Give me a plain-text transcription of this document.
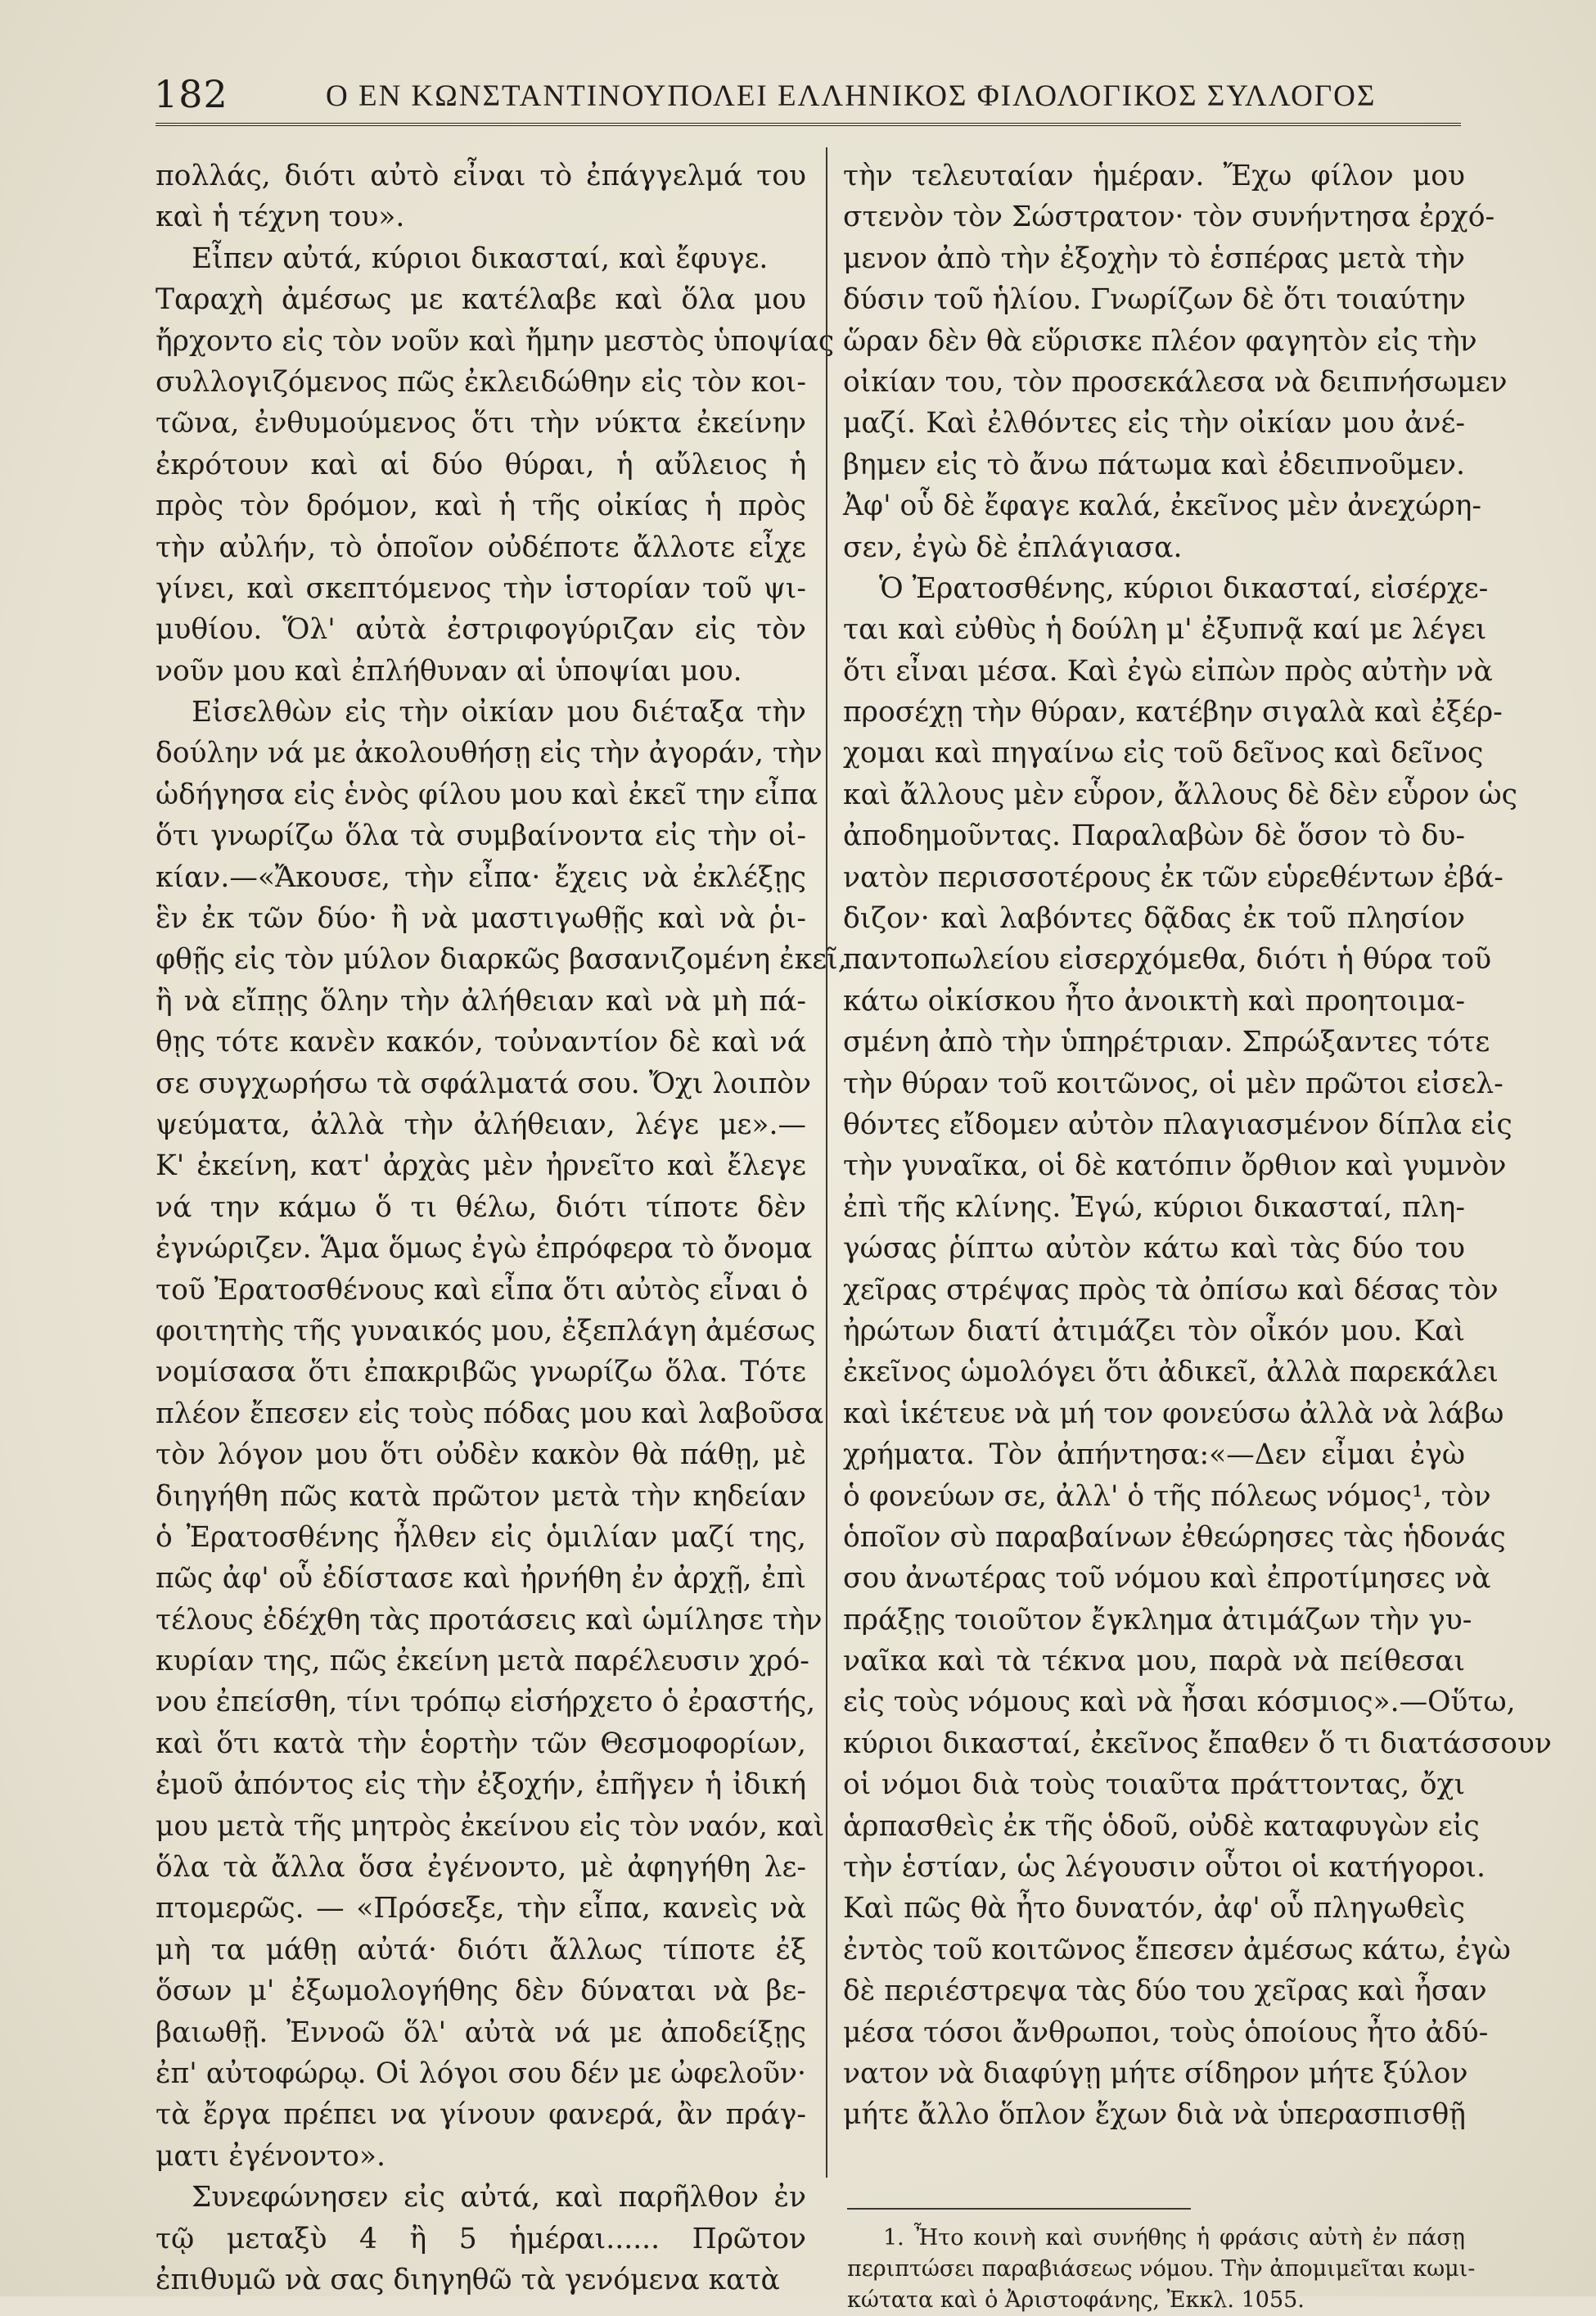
182	Ο ΕΝ ΚΩΝΣΤΑΝΤΙΝΟΥΠΟΛΕΙ ΕΛΛΗΝΙΚΟΣ ΦΙΛΟΛΟΓΙΚΟΣ ΣΥΛΛΟΓΟΣ
πολλάς, διότι αὐτὸ εἶναι τὸ ἐπάγγελμά του
καὶ ἡ τέχνη του».
Εἶπεν αὐτά, κύριοι δικασταί, καὶ ἔφυγε.
Ταραχὴ ἀμέσως με κατέλαβε καὶ ὅλα μου
ἤρχοντο εἰς τὸν νοῦν καὶ ἤμην μεστὸς ὑποψίας
συλλογιζόμενος πῶς ἐκλειδώθην εἰς τὸν κοι-
τῶνα, ἐνθυμούμενος ὅτι τὴν νύκτα ἐκείνην
ἐκρότουν καὶ αἱ δύο θύραι, ἡ αὔλειος ἡ
πρὸς τὸν δρόμον, καὶ ἡ τῆς οἰκίας ἡ πρὸς
τὴν αὐλήν, τὸ ὁποῖον οὐδέποτε ἄλλοτε εἶχε
γίνει, καὶ σκεπτόμενος τὴν ἱστορίαν τοῦ ψι-
μυθίου. Ὅλ' αὐτὰ ἐστριφογύριζαν εἰς τὸν
νοῦν μου καὶ ἐπλήθυναν αἱ ὑποψίαι μου.
Εἰσελθὼν εἰς τὴν οἰκίαν μου διέταξα τὴν
δούλην νά με ἀκολουθήσῃ εἰς τὴν ἀγοράν, τὴν
ὡδήγησα εἰς ἑνὸς φίλου μου καὶ ἐκεῖ την εἶπα
ὅτι γνωρίζω ὅλα τὰ συμβαίνοντα εἰς τὴν οἰ-
κίαν.—«Ἄκουσε, τὴν εἶπα· ἔχεις νὰ ἐκλέξῃς
ἓν ἐκ τῶν δύο· ἢ νὰ μαστιγωθῇς καὶ νὰ ῥι-
φθῇς εἰς τὸν μύλον διαρκῶς βασανιζομένη ἐκεῖ,
ἢ νὰ εἴπῃς ὅλην τὴν ἀλήθειαν καὶ νὰ μὴ πά-
θῃς τότε κανὲν κακόν, τοὐναντίον δὲ καὶ νά
σε συγχωρήσω τὰ σφάλματά σου. Ὄχι λοιπὸν
ψεύματα, ἀλλὰ τὴν ἀλήθειαν, λέγε με».—
Κ' ἐκείνη, κατ' ἀρχὰς μὲν ἠρνεῖτο καὶ ἔλεγε
νά την κάμω ὅ τι θέλω, διότι τίποτε δὲν
ἐγνώριζεν. Ἅμα ὅμως ἐγὼ ἐπρόφερα τὸ ὄνομα
τοῦ Ἐρατοσθένους καὶ εἶπα ὅτι αὐτὸς εἶναι ὁ
φοιτητὴς τῆς γυναικός μου, ἐξεπλάγη ἀμέσως
νομίσασα ὅτι ἐπακριβῶς γνωρίζω ὅλα. Τότε
πλέον ἔπεσεν εἰς τοὺς πόδας μου καὶ λαβοῦσα
τὸν λόγον μου ὅτι οὐδὲν κακὸν θὰ πάθῃ, μὲ
διηγήθη πῶς κατὰ πρῶτον μετὰ τὴν κηδείαν
ὁ Ἐρατοσθένης ἦλθεν εἰς ὁμιλίαν μαζί της,
πῶς ἀφ' οὗ ἐδίστασε καὶ ἠρνήθη ἐν ἀρχῇ, ἐπὶ
τέλους ἐδέχθη τὰς προτάσεις καὶ ὡμίλησε τὴν
κυρίαν της, πῶς ἐκείνη μετὰ παρέλευσιν χρό-
νου ἐπείσθη, τίνι τρόπῳ εἰσήρχετο ὁ ἐραστής,
καὶ ὅτι κατὰ τὴν ἑορτὴν τῶν Θεσμοφορίων,
ἐμοῦ ἀπόντος εἰς τὴν ἐξοχήν, ἐπῆγεν ἡ ἰδική
μου μετὰ τῆς μητρὸς ἐκείνου εἰς τὸν ναόν, καὶ
ὅλα τὰ ἄλλα ὅσα ἐγένοντο, μὲ ἀφηγήθη λε-
πτομερῶς. — «Πρόσεξε, τὴν εἶπα, κανεὶς νὰ
μὴ τα μάθῃ αὐτά· διότι ἄλλως τίποτε ἐξ
ὅσων μ' ἐξωμολογήθης δὲν δύναται νὰ βε-
βαιωθῇ. Ἐννοῶ ὅλ' αὐτὰ νά με ἀποδείξῃς
ἐπ' αὐτοφώρῳ. Οἱ λόγοι σου δέν με ὠφελοῦν·
τὰ ἔργα πρέπει να γίνουν φανερά, ἂν πράγ-
ματι ἐγένοντο».
Συνεφώνησεν εἰς αὐτά, καὶ παρῆλθον ἐν
τῷ μεταξὺ 4 ἢ 5 ἡμέραι...... Πρῶτον
ἐπιθυμῶ νὰ σας διηγηθῶ τὰ γενόμενα κατὰ
τὴν τελευταίαν ἡμέραν. Ἔχω φίλον μου
στενὸν τὸν Σώστρατον· τὸν συνήντησα ἐρχό-
μενον ἀπὸ τὴν ἐξοχὴν τὸ ἑσπέρας μετὰ τὴν
δύσιν τοῦ ἡλίου. Γνωρίζων δὲ ὅτι τοιαύτην
ὥραν δὲν θὰ εὕρισκε πλέον φαγητὸν εἰς τὴν
οἰκίαν του, τὸν προσεκάλεσα νὰ δειπνήσωμεν
μαζί. Καὶ ἐλθόντες εἰς τὴν οἰκίαν μου ἀνέ-
βημεν εἰς τὸ ἄνω πάτωμα καὶ ἐδειπνοῦμεν.
Ἀφ' οὗ δὲ ἔφαγε καλά, ἐκεῖνος μὲν ἀνεχώρη-
σεν, ἐγὼ δὲ ἐπλάγιασα.
Ὁ Ἐρατοσθένης, κύριοι δικασταί, εἰσέρχε-
ται καὶ εὐθὺς ἡ δούλη μ' ἐξυπνᾷ καί με λέγει
ὅτι εἶναι μέσα. Καὶ ἐγὼ εἰπὼν πρὸς αὐτὴν νὰ
προσέχῃ τὴν θύραν, κατέβην σιγαλὰ καὶ ἐξέρ-
χομαι καὶ πηγαίνω εἰς τοῦ δεῖνος καὶ δεῖνος
καὶ ἄλλους μὲν εὗρον, ἄλλους δὲ δὲν εὗρον ὡς
ἀποδημοῦντας. Παραλαβὼν δὲ ὅσον τὸ δυ-
νατὸν περισσοτέρους ἐκ τῶν εὑρεθέντων ἐβά-
διζον· καὶ λαβόντες δᾷδας ἐκ τοῦ πλησίον
παντοπωλείου εἰσερχόμεθα, διότι ἡ θύρα τοῦ
κάτω οἰκίσκου ἦτο ἀνοικτὴ καὶ προητοιμα-
σμένη ἀπὸ τὴν ὑπηρέτριαν. Σπρώξαντες τότε
τὴν θύραν τοῦ κοιτῶνος, οἱ μὲν πρῶτοι εἰσελ-
θόντες εἴδομεν αὐτὸν πλαγιασμένον δίπλα εἰς
τὴν γυναῖκα, οἱ δὲ κατόπιν ὄρθιον καὶ γυμνὸν
ἐπὶ τῆς κλίνης. Ἐγώ, κύριοι δικασταί, πλη-
γώσας ῥίπτω αὐτὸν κάτω καὶ τὰς δύο του
χεῖρας στρέψας πρὸς τὰ ὀπίσω καὶ δέσας τὸν
ἠρώτων διατί ἀτιμάζει τὸν οἶκόν μου. Καὶ
ἐκεῖνος ὡμολόγει ὅτι ἀδικεῖ, ἀλλὰ παρεκάλει
καὶ ἱκέτευε νὰ μή τον φονεύσω ἀλλὰ νὰ λάβω
χρήματα. Τὸν ἀπήντησα:«—Δεν εἶμαι ἐγὼ
ὁ φονεύων σε, ἀλλ' ὁ τῆς πόλεως νόμος¹, τὸν
ὁποῖον σὺ παραβαίνων ἐθεώρησες τὰς ἡδονάς
σου ἀνωτέρας τοῦ νόμου καὶ ἐπροτίμησες νὰ
πράξῃς τοιοῦτον ἔγκλημα ἀτιμάζων τὴν γυ-
ναῖκα καὶ τὰ τέκνα μου, παρὰ νὰ πείθεσαι
εἰς τοὺς νόμους καὶ νὰ ἦσαι κόσμιος».—Οὕτω,
κύριοι δικασταί, ἐκεῖνος ἔπαθεν ὅ τι διατάσσουν
οἱ νόμοι διὰ τοὺς τοιαῦτα πράττοντας, ὄχι
ἁρπασθεὶς ἐκ τῆς ὁδοῦ, οὐδὲ καταφυγὼν εἰς
τὴν ἑστίαν, ὡς λέγουσιν οὗτοι οἱ κατήγοροι.
Καὶ πῶς θὰ ἦτο δυνατόν, ἀφ' οὗ πληγωθεὶς
ἐντὸς τοῦ κοιτῶνος ἔπεσεν ἀμέσως κάτω, ἐγὼ
δὲ περιέστρεψα τὰς δύο του χεῖρας καὶ ἦσαν
μέσα τόσοι ἄνθρωποι, τοὺς ὁποίους ἦτο ἀδύ-
νατον νὰ διαφύγῃ μήτε σίδηρον μήτε ξύλον
μήτε ἄλλο ὅπλον ἔχων διὰ νὰ ὑπερασπισθῇ
1. Ἦτο κοινὴ καὶ συνήθης ἡ φράσις αὐτὴ ἐν πάσῃ
περιπτώσει παραβιάσεως νόμου. Τὴν ἀπομιμεῖται κωμι-
κώτατα καὶ ὁ Ἀριστοφάνης, Ἐκκλ. 1055.
